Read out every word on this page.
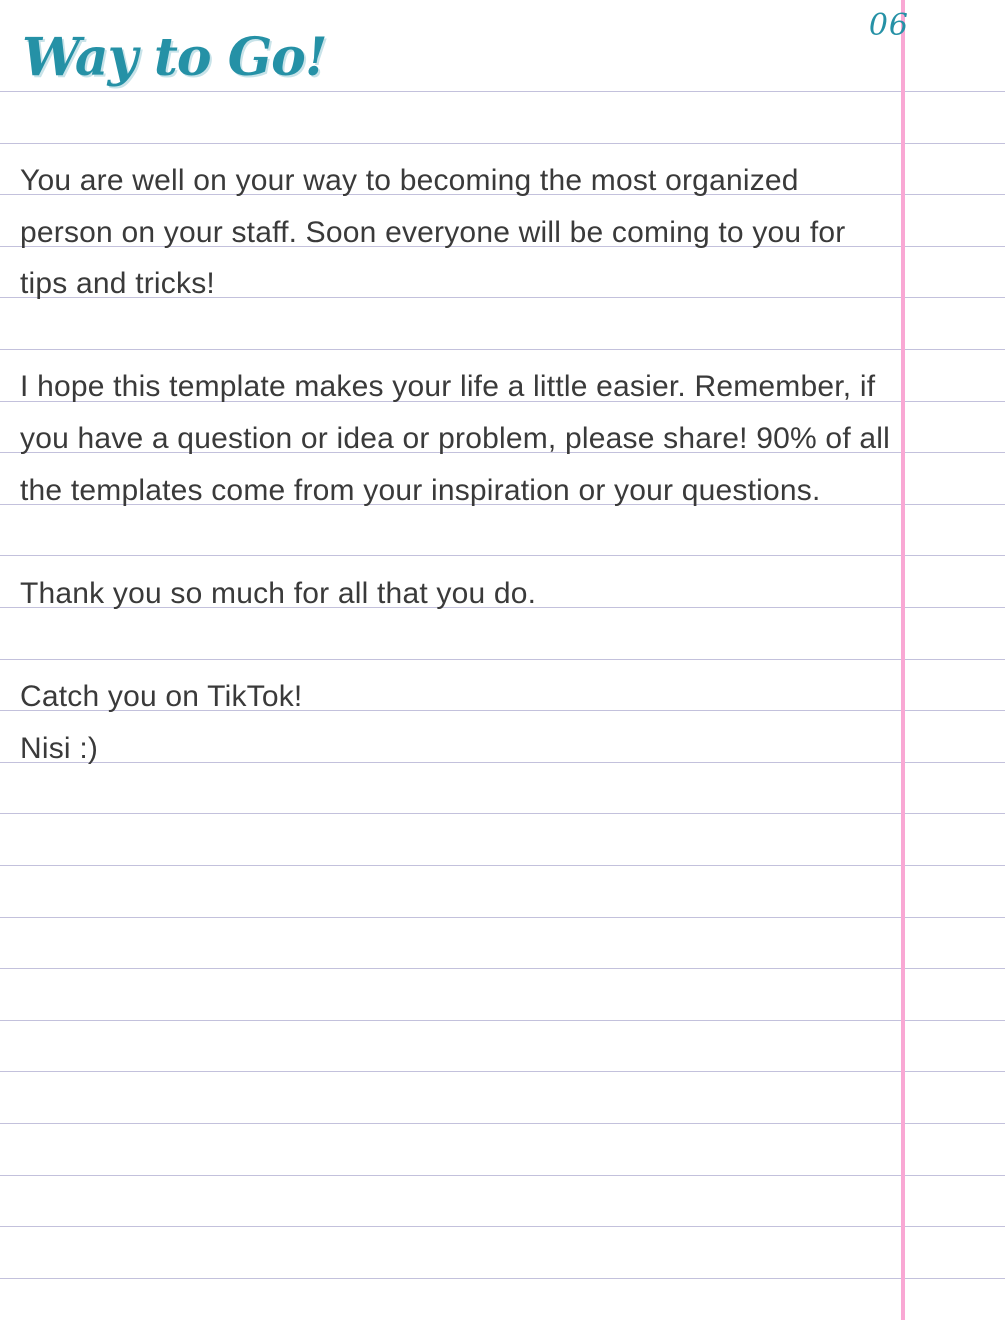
06
Way to Go!

You are well on your way to becoming the most organized person on your staff. Soon everyone will be coming to you for tips and tricks!

I hope this template makes your life a little easier. Remember, if you have a question or idea or problem, please share! 90% of all the templates come from your inspiration or your questions.

Thank you so much for all that you do.

Catch you on TikTok!

Nisi :)
